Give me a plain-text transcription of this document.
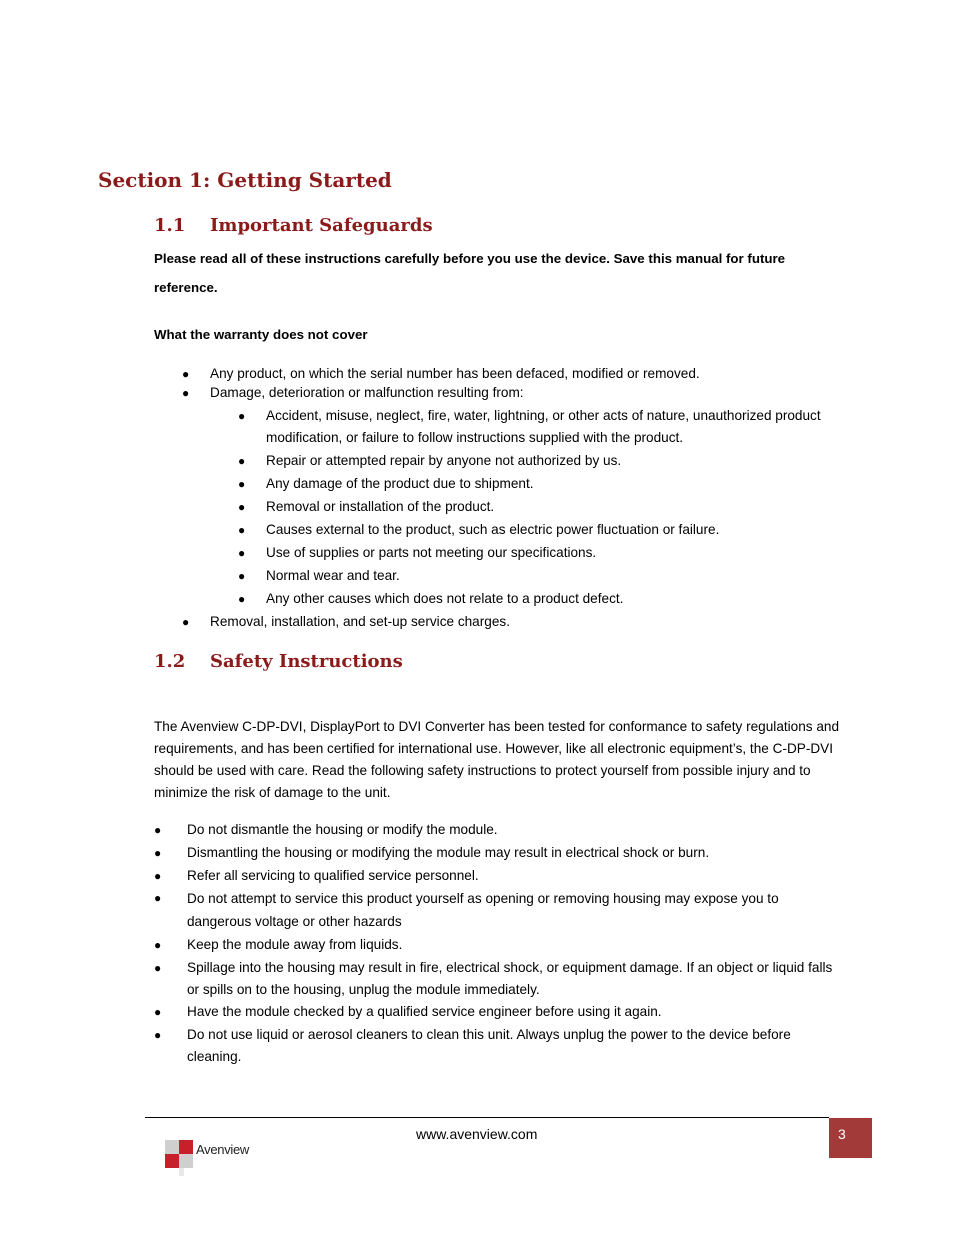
Section 1: Getting Started
1.1 Important Safeguards

Please read all of these instructions carefully before you use the device. Save this manual for future

reference.

What the warranty does not cover

● Any product, on which the serial number has been defaced, modified or removed.
● Damage, deterioration or malfunction resulting from:
● Accident, misuse, neglect, fire, water, lightning, or other acts of nature, unauthorized product modification, or failure to follow instructions supplied with the product.
● Repair or attempted repair by anyone not authorized by us.
● Any damage of the product due to shipment.
● Removal or installation of the product.
● Causes external to the product, such as electric power fluctuation or failure.
● Use of supplies or parts not meeting our specifications.
● Normal wear and tear.
● Any other causes which does not relate to a product defect.
● Removal, installation, and set-up service charges.
1.2 Safety Instructions

The Avenview C-DP-DVI, DisplayPort to DVI Converter has been tested for conformance to safety regulations and requirements, and has been certified for international use. However, like all electronic equipment’s, the C-DP-DVI should be used with care. Read the following safety instructions to protect yourself from possible injury and to minimize the risk of damage to the unit.

● Do not dismantle the housing or modify the module.
● Dismantling the housing or modifying the module may result in electrical shock or burn.
● Refer all servicing to qualified service personnel.
● Do not attempt to service this product yourself as opening or removing housing may expose you to dangerous voltage or other hazards
● Keep the module away from liquids.
● Spillage into the housing may result in fire, electrical shock, or equipment damage. If an object or liquid falls or spills on to the housing, unplug the module immediately.
● Have the module checked by a qualified service engineer before using it again.
● Do not use liquid or aerosol cleaners to clean this unit. Always unplug the power to the device before cleaning.
www.avenview.com	3
Avenview
